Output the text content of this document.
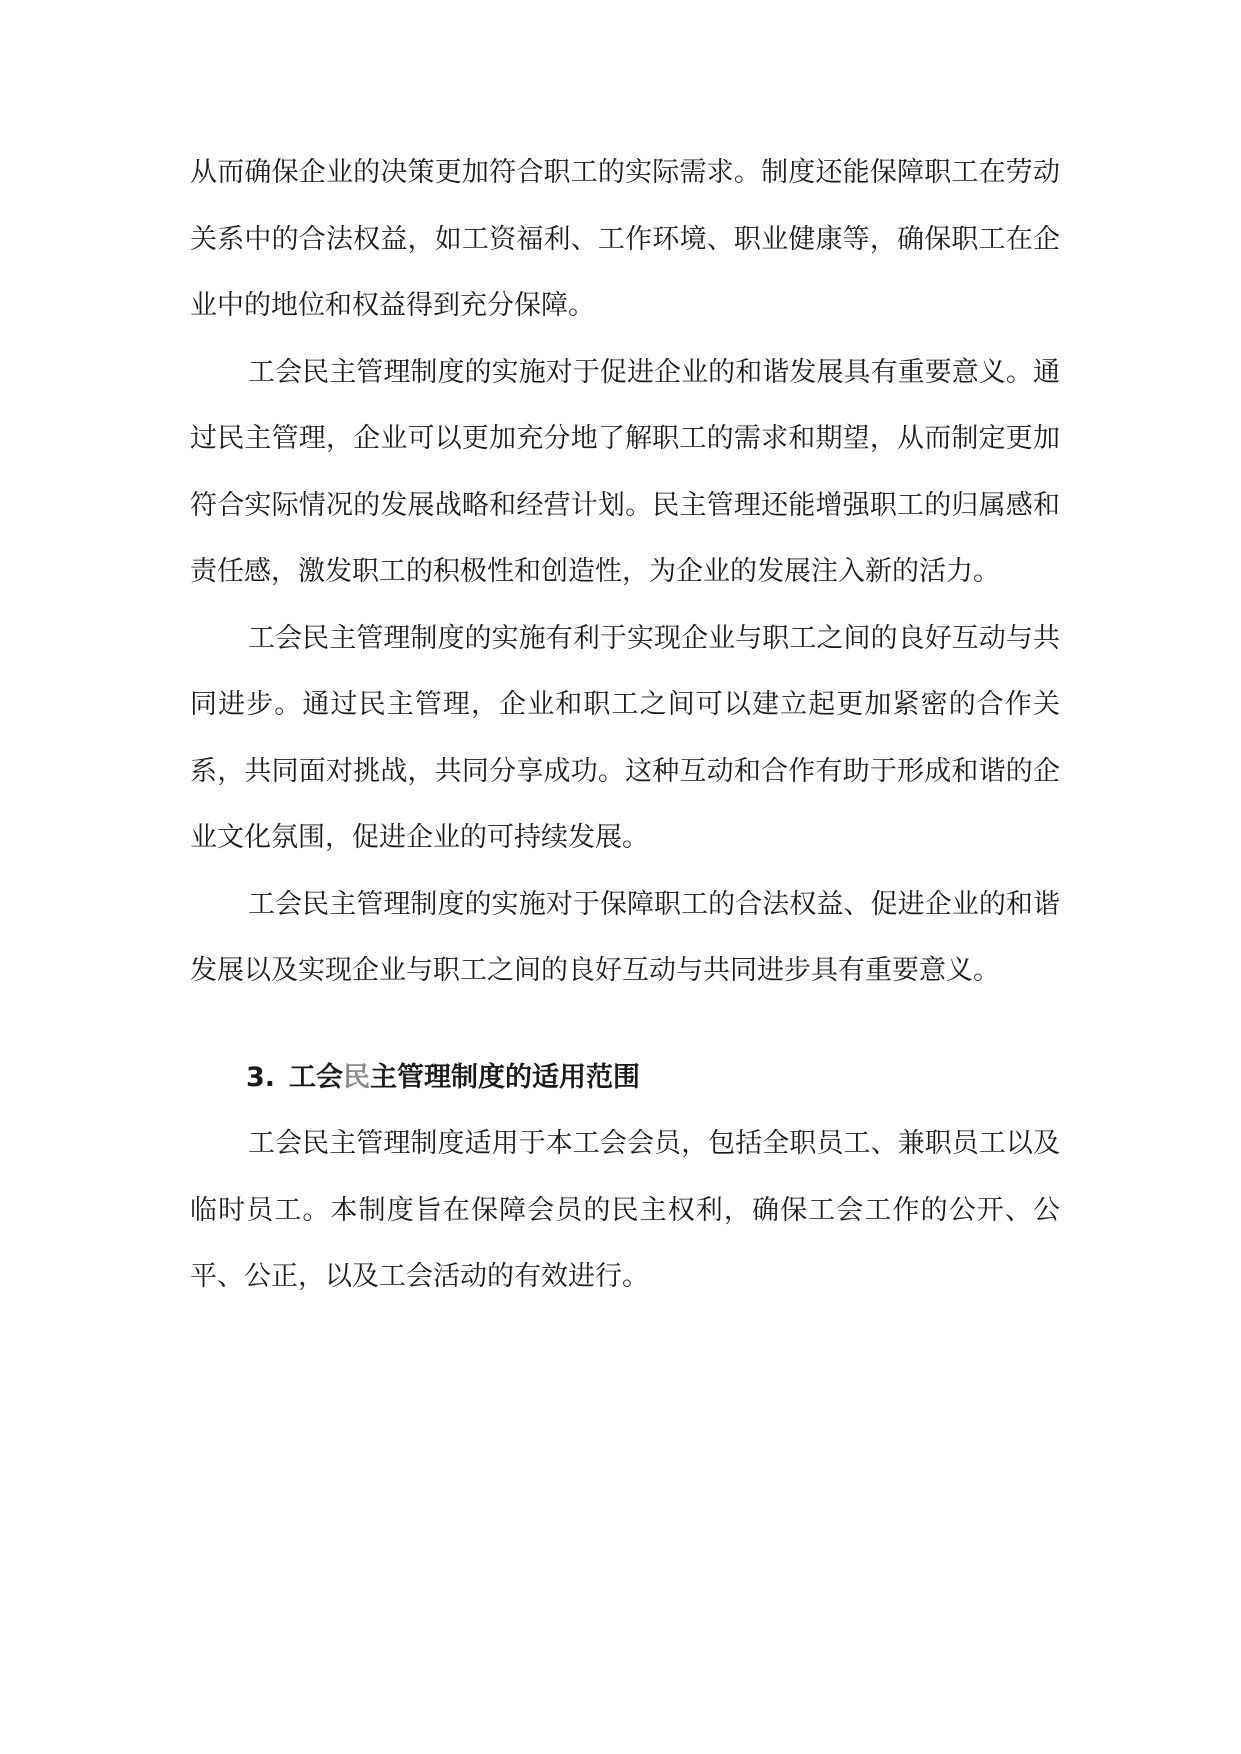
从而确保企业的决策更加符合职工的实际需求。制度还能保障职工在劳动关系中的合法权益，如工资福利、工作环境、职业健康等，确保职工在企业中的地位和权益得到充分保障。

工会民主管理制度的实施对于促进企业的和谐发展具有重要意义。通过民主管理，企业可以更加充分地了解职工的需求和期望，从而制定更加符合实际情况的发展战略和经营计划。民主管理还能增强职工的归属感和责任感，激发职工的积极性和创造性，为企业的发展注入新的活力。

工会民主管理制度的实施有利于实现企业与职工之间的良好互动与共同进步。通过民主管理，企业和职工之间可以建立起更加紧密的合作关系，共同面对挑战，共同分享成功。这种互动和合作有助于形成和谐的企业文化氛围，促进企业的可持续发展。

工会民主管理制度的实施对于保障职工的合法权益、促进企业的和谐发展以及实现企业与职工之间的良好互动与共同进步具有重要意义。

3. 工会民主管理制度的适用范围

工会民主管理制度适用于本工会会员，包括全职员工、兼职员工以及临时员工。本制度旨在保障会员的民主权利，确保工会工作的公开、公平、公正，以及工会活动的有效进行。
